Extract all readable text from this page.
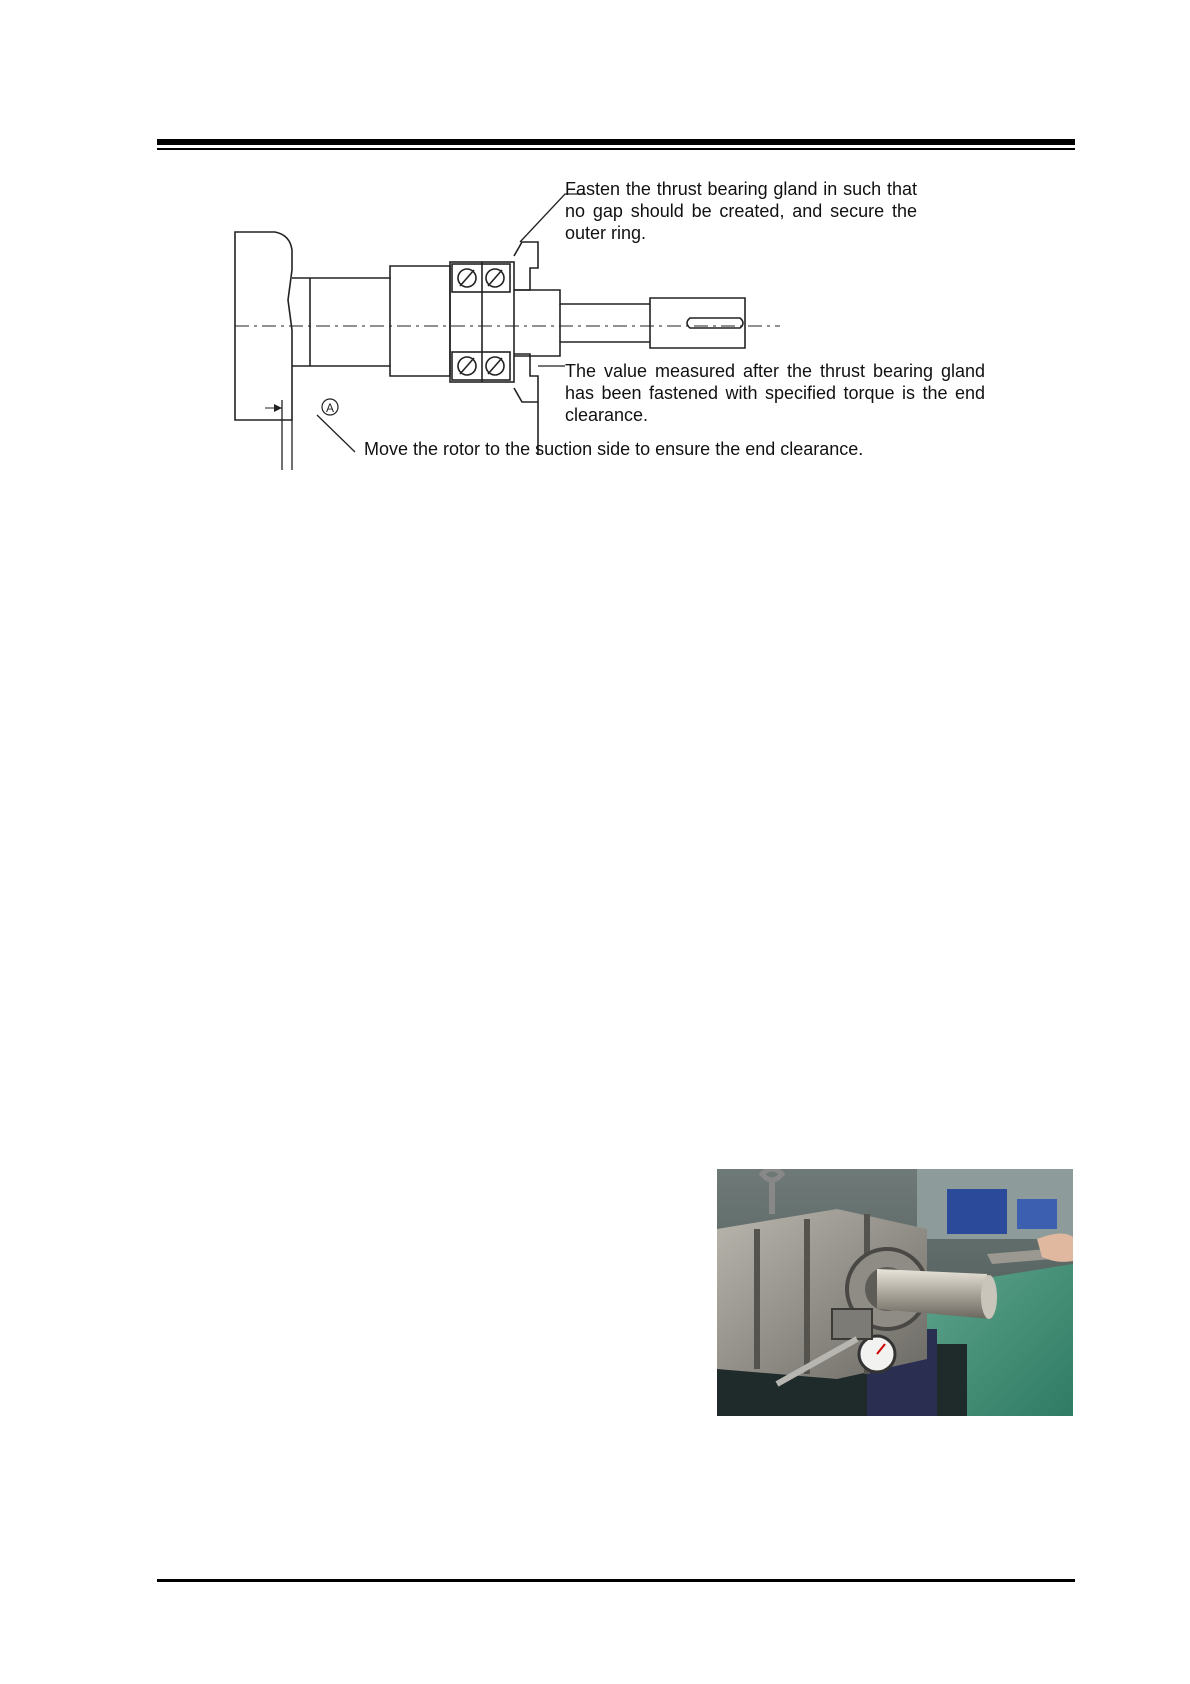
A
Fasten the thrust bearing gland in such that no gap should be created, and secure the outer ring.
The value measured after the thrust bearing gland has been fastened with specified torque is the end clearance.
Move the rotor to the suction side to ensure the end clearance.
